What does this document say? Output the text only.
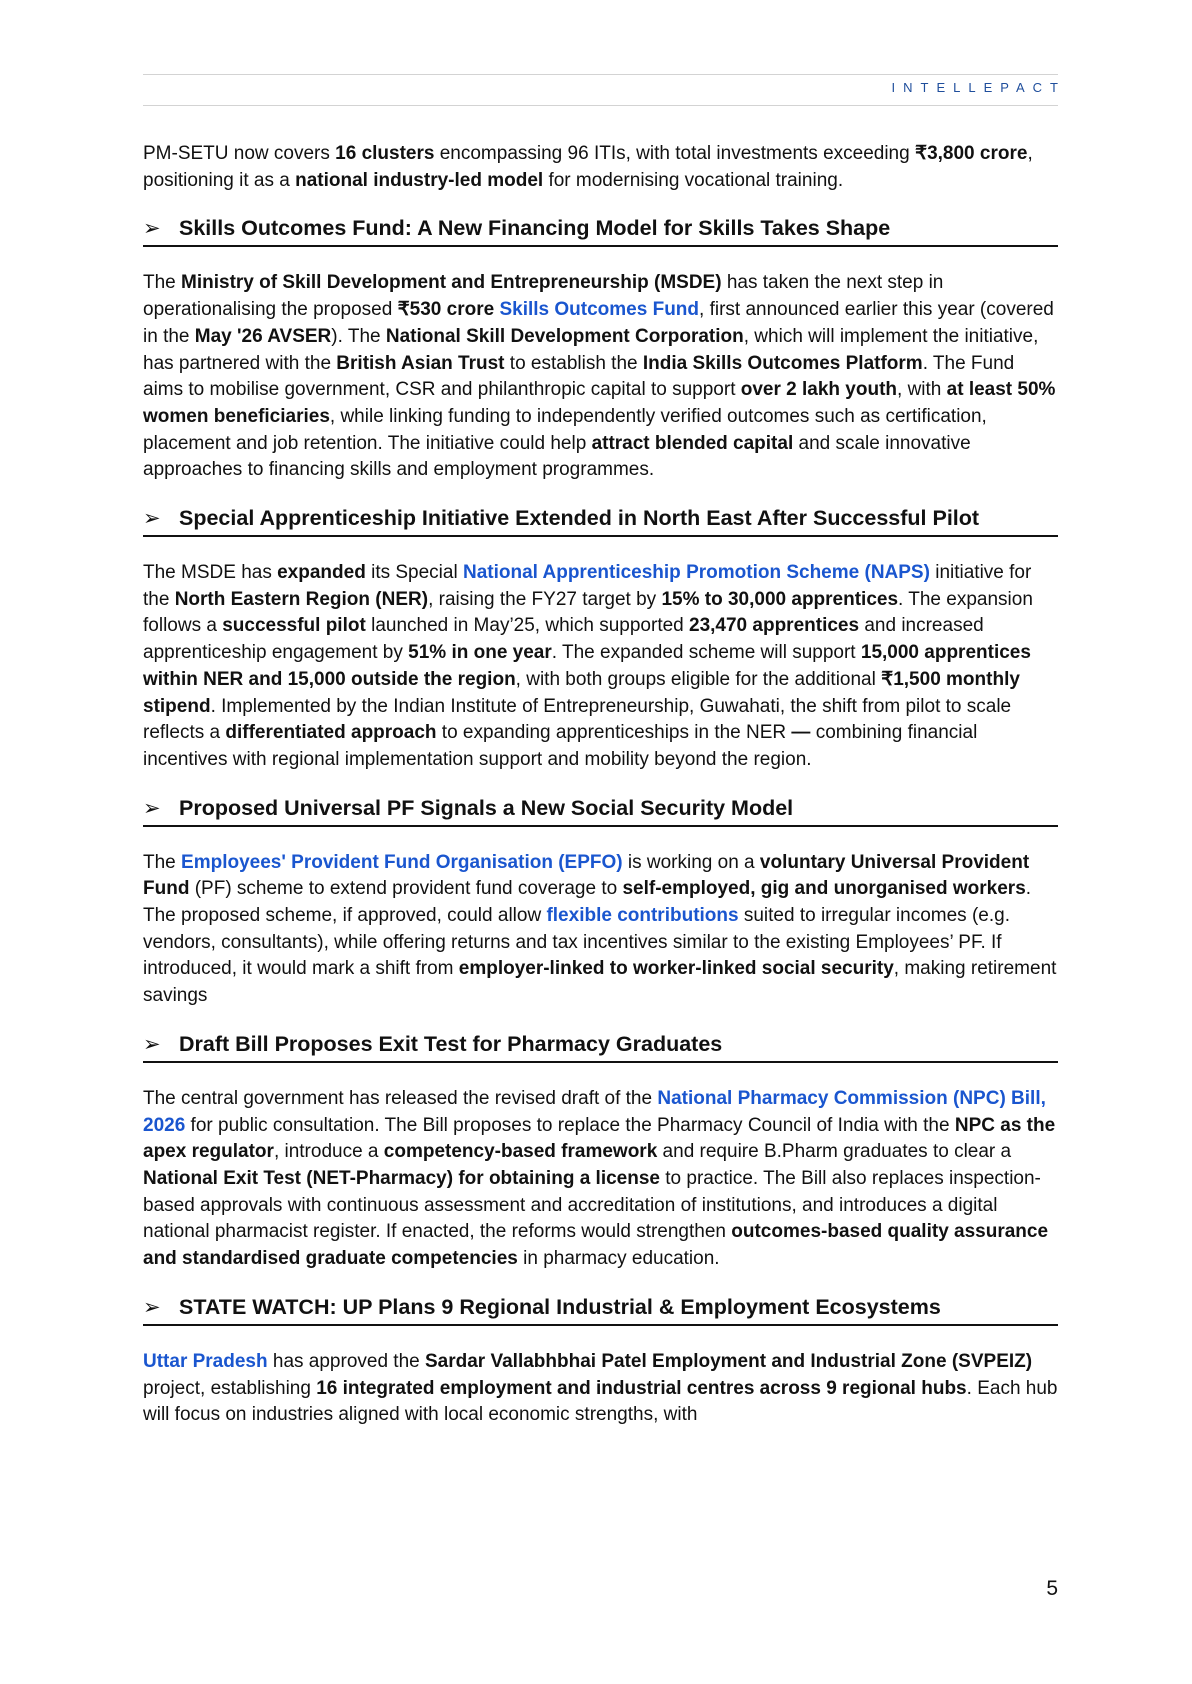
INTELLEPACT

PM-SETU now covers 16 clusters encompassing 96 ITIs, with total investments exceeding ₹3,800 crore, positioning it as a national industry-led model for modernising vocational training.

➢ Skills Outcomes Fund: A New Financing Model for Skills Takes Shape

The Ministry of Skill Development and Entrepreneurship (MSDE) has taken the next step in operationalising the proposed ₹530 crore Skills Outcomes Fund, first announced earlier this year (covered in the May '26 AVSER). The National Skill Development Corporation, which will implement the initiative, has partnered with the British Asian Trust to establish the India Skills Outcomes Platform. The Fund aims to mobilise government, CSR and philanthropic capital to support over 2 lakh youth, with at least 50% women beneficiaries, while linking funding to independently verified outcomes such as certification, placement and job retention. The initiative could help attract blended capital and scale innovative approaches to financing skills and employment programmes.

➢ Special Apprenticeship Initiative Extended in North East After Successful Pilot

The MSDE has expanded its Special National Apprenticeship Promotion Scheme (NAPS) initiative for the North Eastern Region (NER), raising the FY27 target by 15% to 30,000 apprentices. The expansion follows a successful pilot launched in May’25, which supported 23,470 apprentices and increased apprenticeship engagement by 51% in one year. The expanded scheme will support 15,000 apprentices within NER and 15,000 outside the region, with both groups eligible for the additional ₹1,500 monthly stipend. Implemented by the Indian Institute of Entrepreneurship, Guwahati, the shift from pilot to scale reflects a differentiated approach to expanding apprenticeships in the NER — combining financial incentives with regional implementation support and mobility beyond the region.

➢ Proposed Universal PF Signals a New Social Security Model

The Employees' Provident Fund Organisation (EPFO) is working on a voluntary Universal Provident Fund (PF) scheme to extend provident fund coverage to self-employed, gig and unorganised workers. The proposed scheme, if approved, could allow flexible contributions suited to irregular incomes (e.g. vendors, consultants), while offering returns and tax incentives similar to the existing Employees’ PF. If introduced, it would mark a shift from employer-linked to worker-linked social security, making retirement savings

➢ Draft Bill Proposes Exit Test for Pharmacy Graduates

The central government has released the revised draft of the National Pharmacy Commission (NPC) Bill, 2026 for public consultation. The Bill proposes to replace the Pharmacy Council of India with the NPC as the apex regulator, introduce a competency-based framework and require B.Pharm graduates to clear a National Exit Test (NET-Pharmacy) for obtaining a license to practice. The Bill also replaces inspection-based approvals with continuous assessment and accreditation of institutions, and introduces a digital national pharmacist register. If enacted, the reforms would strengthen outcomes-based quality assurance and standardised graduate competencies in pharmacy education.

➢ STATE WATCH: UP Plans 9 Regional Industrial & Employment Ecosystems

Uttar Pradesh has approved the Sardar Vallabhbhai Patel Employment and Industrial Zone (SVPEIZ) project, establishing 16 integrated employment and industrial centres across 9 regional hubs. Each hub will focus on industries aligned with local economic strengths, with

5
